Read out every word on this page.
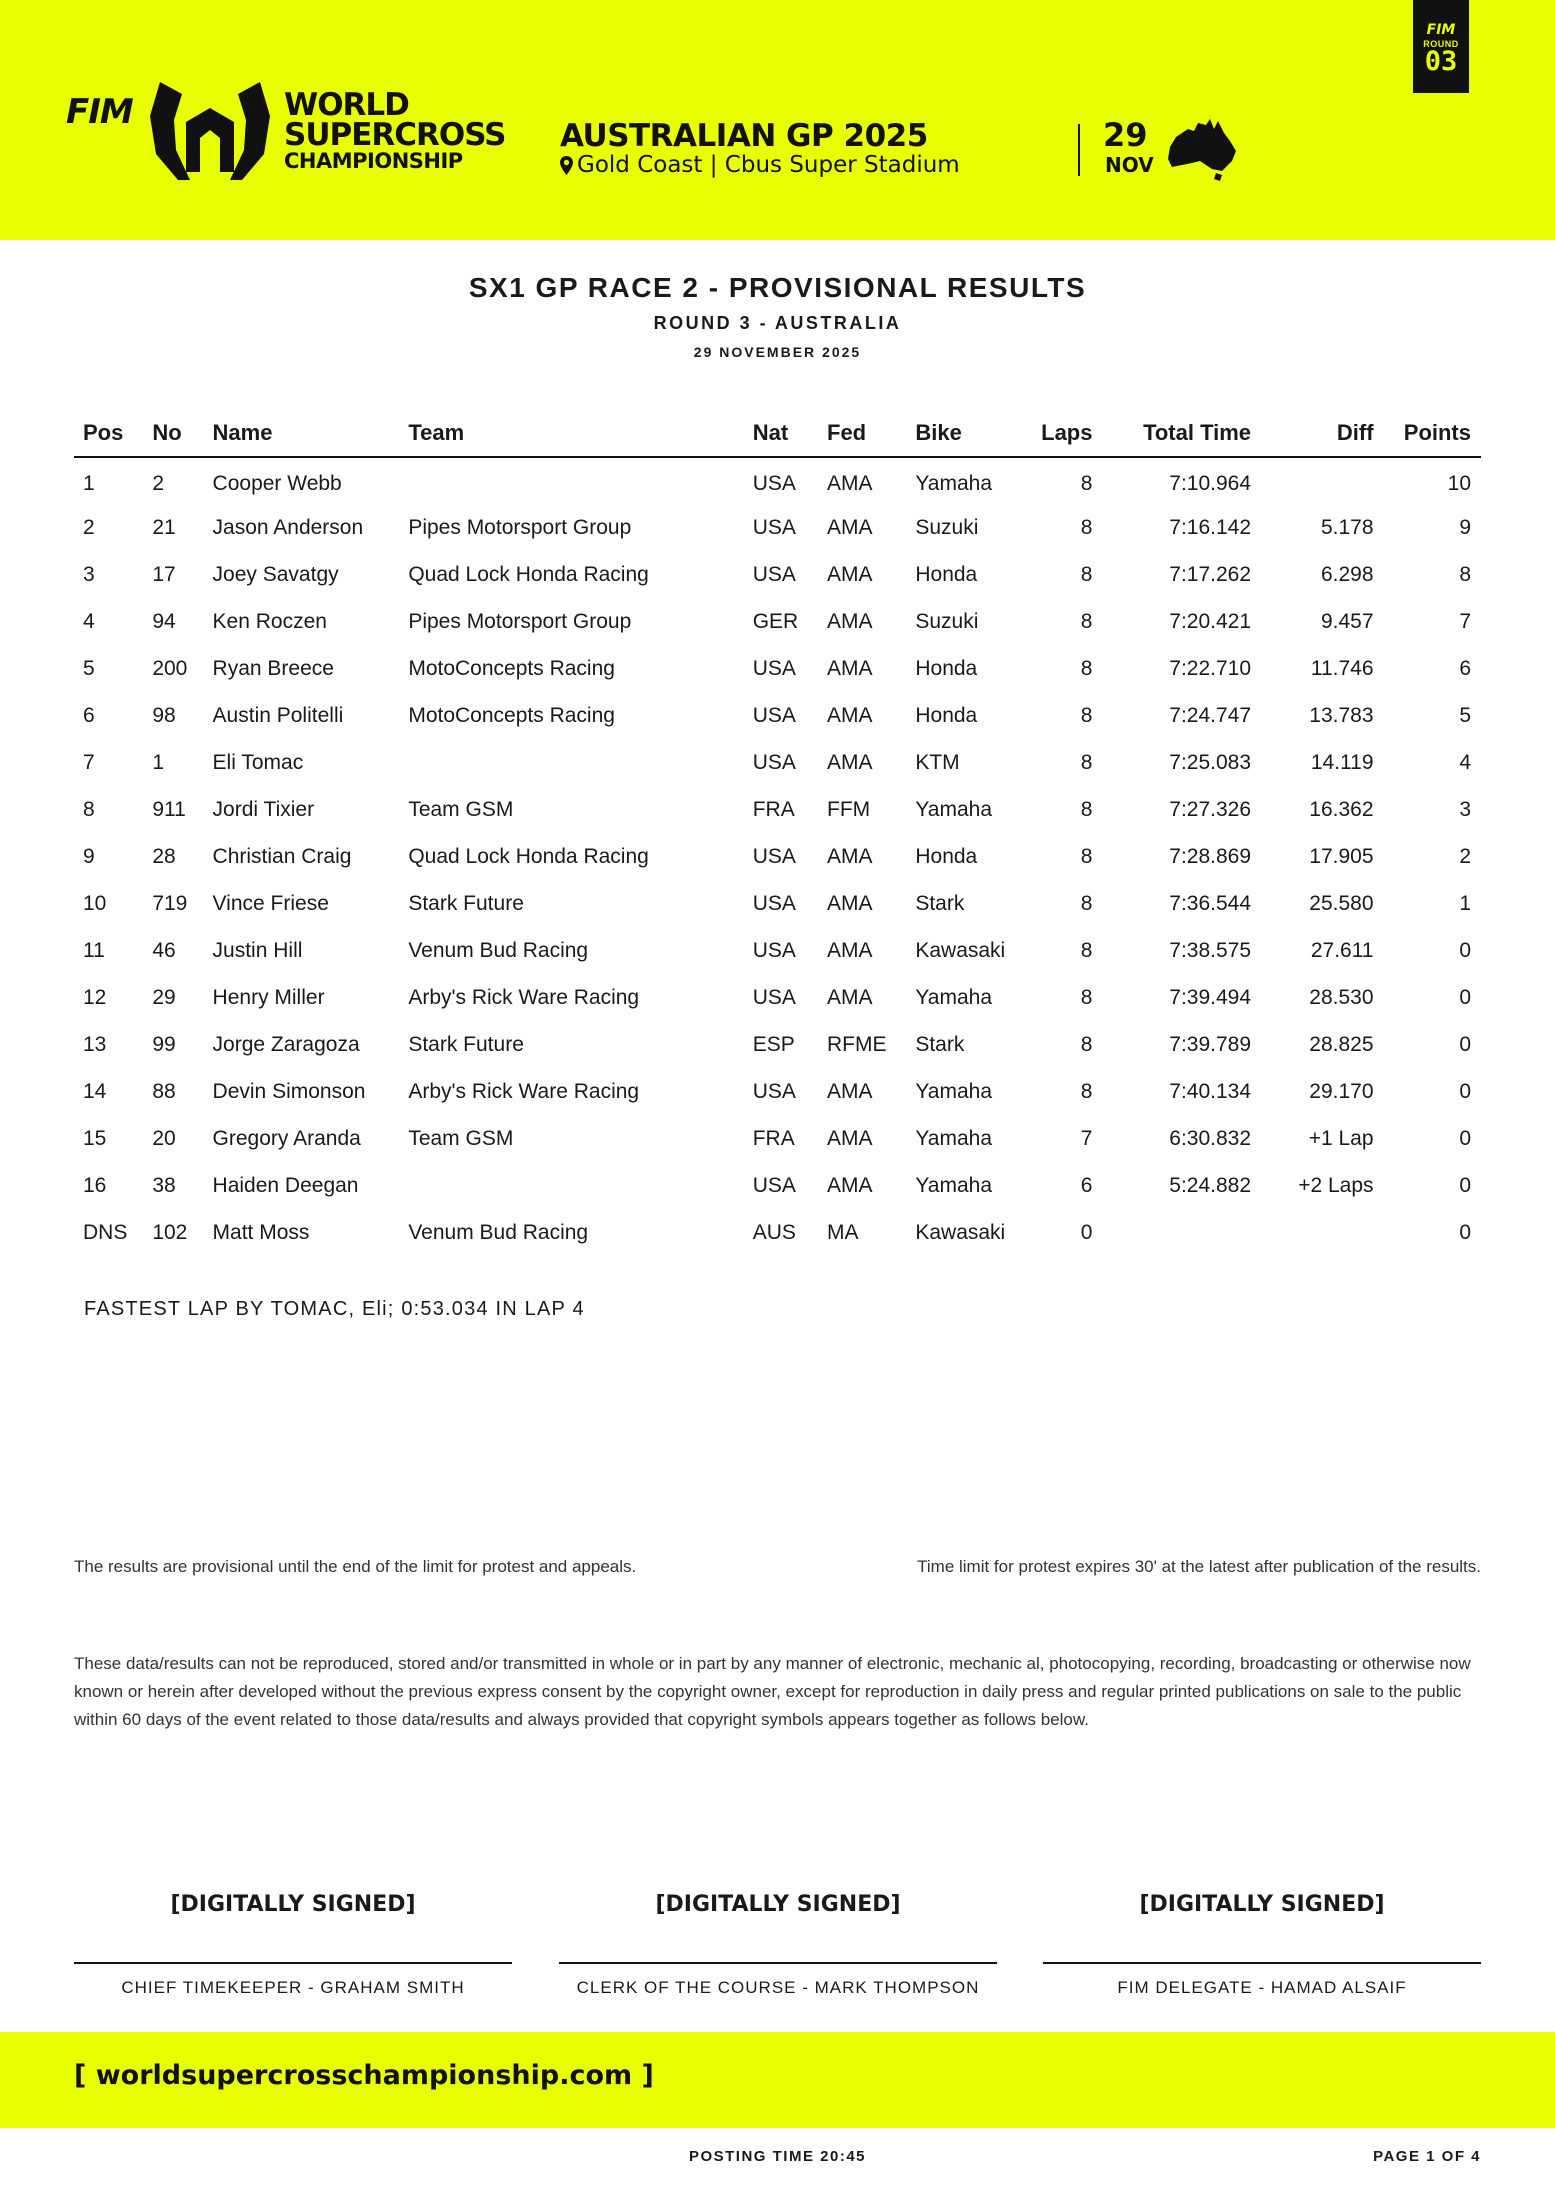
FIM	WORLD
SUPERCROSS
CHAMPIONSHIP
AUSTRALIAN GP 2025
Gold Coast | Cbus Super Stadium
29
NOV
FIM
ROUND
03
SX1 GP RACE 2 - PROVISIONAL RESULTS
ROUND 3 - AUSTRALIA
29 NOVEMBER 2025
Pos	No	Name	Team	Nat	Fed	Bike	Laps	Total Time	Diff	Points
1	2	Cooper Webb		USA	AMA	Yamaha	8	7:10.964		10
2	21	Jason Anderson	Pipes Motorsport Group	USA	AMA	Suzuki	8	7:16.142	5.178	9
3	17	Joey Savatgy	Quad Lock Honda Racing	USA	AMA	Honda	8	7:17.262	6.298	8
4	94	Ken Roczen	Pipes Motorsport Group	GER	AMA	Suzuki	8	7:20.421	9.457	7
5	200	Ryan Breece	MotoConcepts Racing	USA	AMA	Honda	8	7:22.710	11.746	6
6	98	Austin Politelli	MotoConcepts Racing	USA	AMA	Honda	8	7:24.747	13.783	5
7	1	Eli Tomac		USA	AMA	KTM	8	7:25.083	14.119	4
8	911	Jordi Tixier	Team GSM	FRA	FFM	Yamaha	8	7:27.326	16.362	3
9	28	Christian Craig	Quad Lock Honda Racing	USA	AMA	Honda	8	7:28.869	17.905	2
10	719	Vince Friese	Stark Future	USA	AMA	Stark	8	7:36.544	25.580	1
11	46	Justin Hill	Venum Bud Racing	USA	AMA	Kawasaki	8	7:38.575	27.611	0
12	29	Henry Miller	Arby's Rick Ware Racing	USA	AMA	Yamaha	8	7:39.494	28.530	0
13	99	Jorge Zaragoza	Stark Future	ESP	RFME	Stark	8	7:39.789	28.825	0
14	88	Devin Simonson	Arby's Rick Ware Racing	USA	AMA	Yamaha	8	7:40.134	29.170	0
15	20	Gregory Aranda	Team GSM	FRA	AMA	Yamaha	7	6:30.832	+1 Lap	0
16	38	Haiden Deegan		USA	AMA	Yamaha	6	5:24.882	+2 Laps	0
DNS	102	Matt Moss	Venum Bud Racing	AUS	MA	Kawasaki	0			0
FASTEST LAP BY TOMAC, Eli; 0:53.034 IN LAP 4
The results are provisional until the end of the limit for protest and appeals.	Time limit for protest expires 30' at the latest after publication of the results.
These data/results can not be reproduced, stored and/or transmitted in whole or in part by any manner of electronic, mechanic al, photocopying, recording, broadcasting or otherwise now known or herein after developed without the previous express consent by the copyright owner, except for reproduction in daily press and regular printed publications on sale to the public within 60 days of the event related to those data/results and always provided that copyright symbols appears together as follows below.
[DIGITALLY SIGNED]
CHIEF TIMEKEEPER - GRAHAM SMITH
[DIGITALLY SIGNED]
CLERK OF THE COURSE - MARK THOMPSON
[DIGITALLY SIGNED]
FIM DELEGATE - HAMAD ALSAIF
[ worldsupercrosschampionship.com ]
POSTING TIME 20:45	PAGE 1 OF 4
